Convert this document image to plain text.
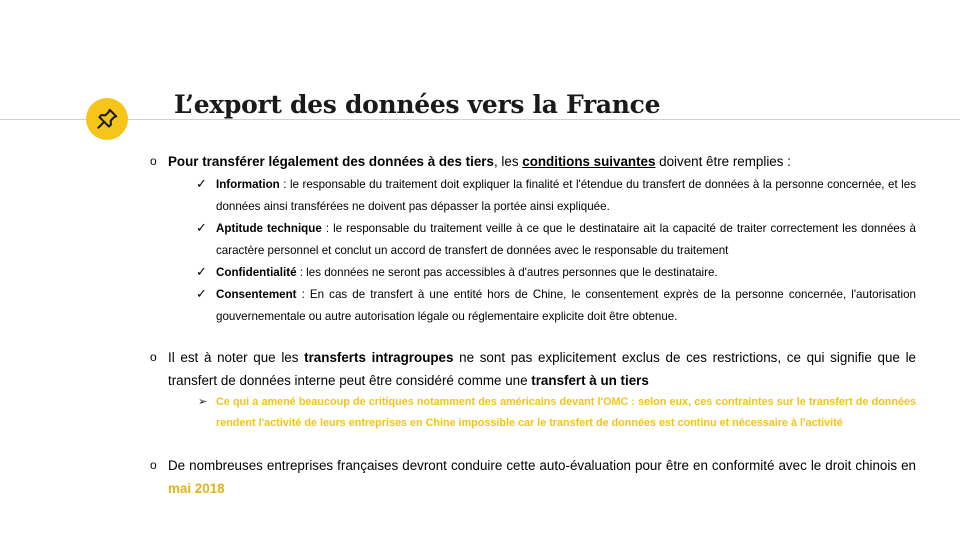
L’export des données vers la France
o Pour transférer légalement des données à des tiers, les conditions suivantes doivent être remplies :
✓ Information : le responsable du traitement doit expliquer la finalité et l'étendue du transfert de données à la personne concernée, et les données ainsi transférées ne doivent pas dépasser la portée ainsi expliquée.
✓ Aptitude technique : le responsable du traitement veille à ce que le destinataire ait la capacité de traiter correctement les données à caractère personnel et conclut un accord de transfert de données avec le responsable du traitement
✓ Confidentialité : les données ne seront pas accessibles à d'autres personnes que le destinataire.
✓ Consentement : En cas de transfert à une entité hors de Chine, le consentement exprès de la personne concernée, l'autorisation gouvernementale ou autre autorisation légale ou réglementaire explicite doit être obtenue.
o Il est à noter que les transferts intragroupes ne sont pas explicitement exclus de ces restrictions, ce qui signifie que le transfert de données interne peut être considéré comme une transfert à un tiers
➢ Ce qui a amené beaucoup de critiques notamment des américains devant l'OMC : selon eux, ces contraintes sur le transfert de données rendent l'activité de leurs entreprises en Chine impossible car le transfert de données est continu et nécessaire à l'activité
o De nombreuses entreprises françaises devront conduire cette auto-évaluation pour être en conformité avec le droit chinois en mai 2018
